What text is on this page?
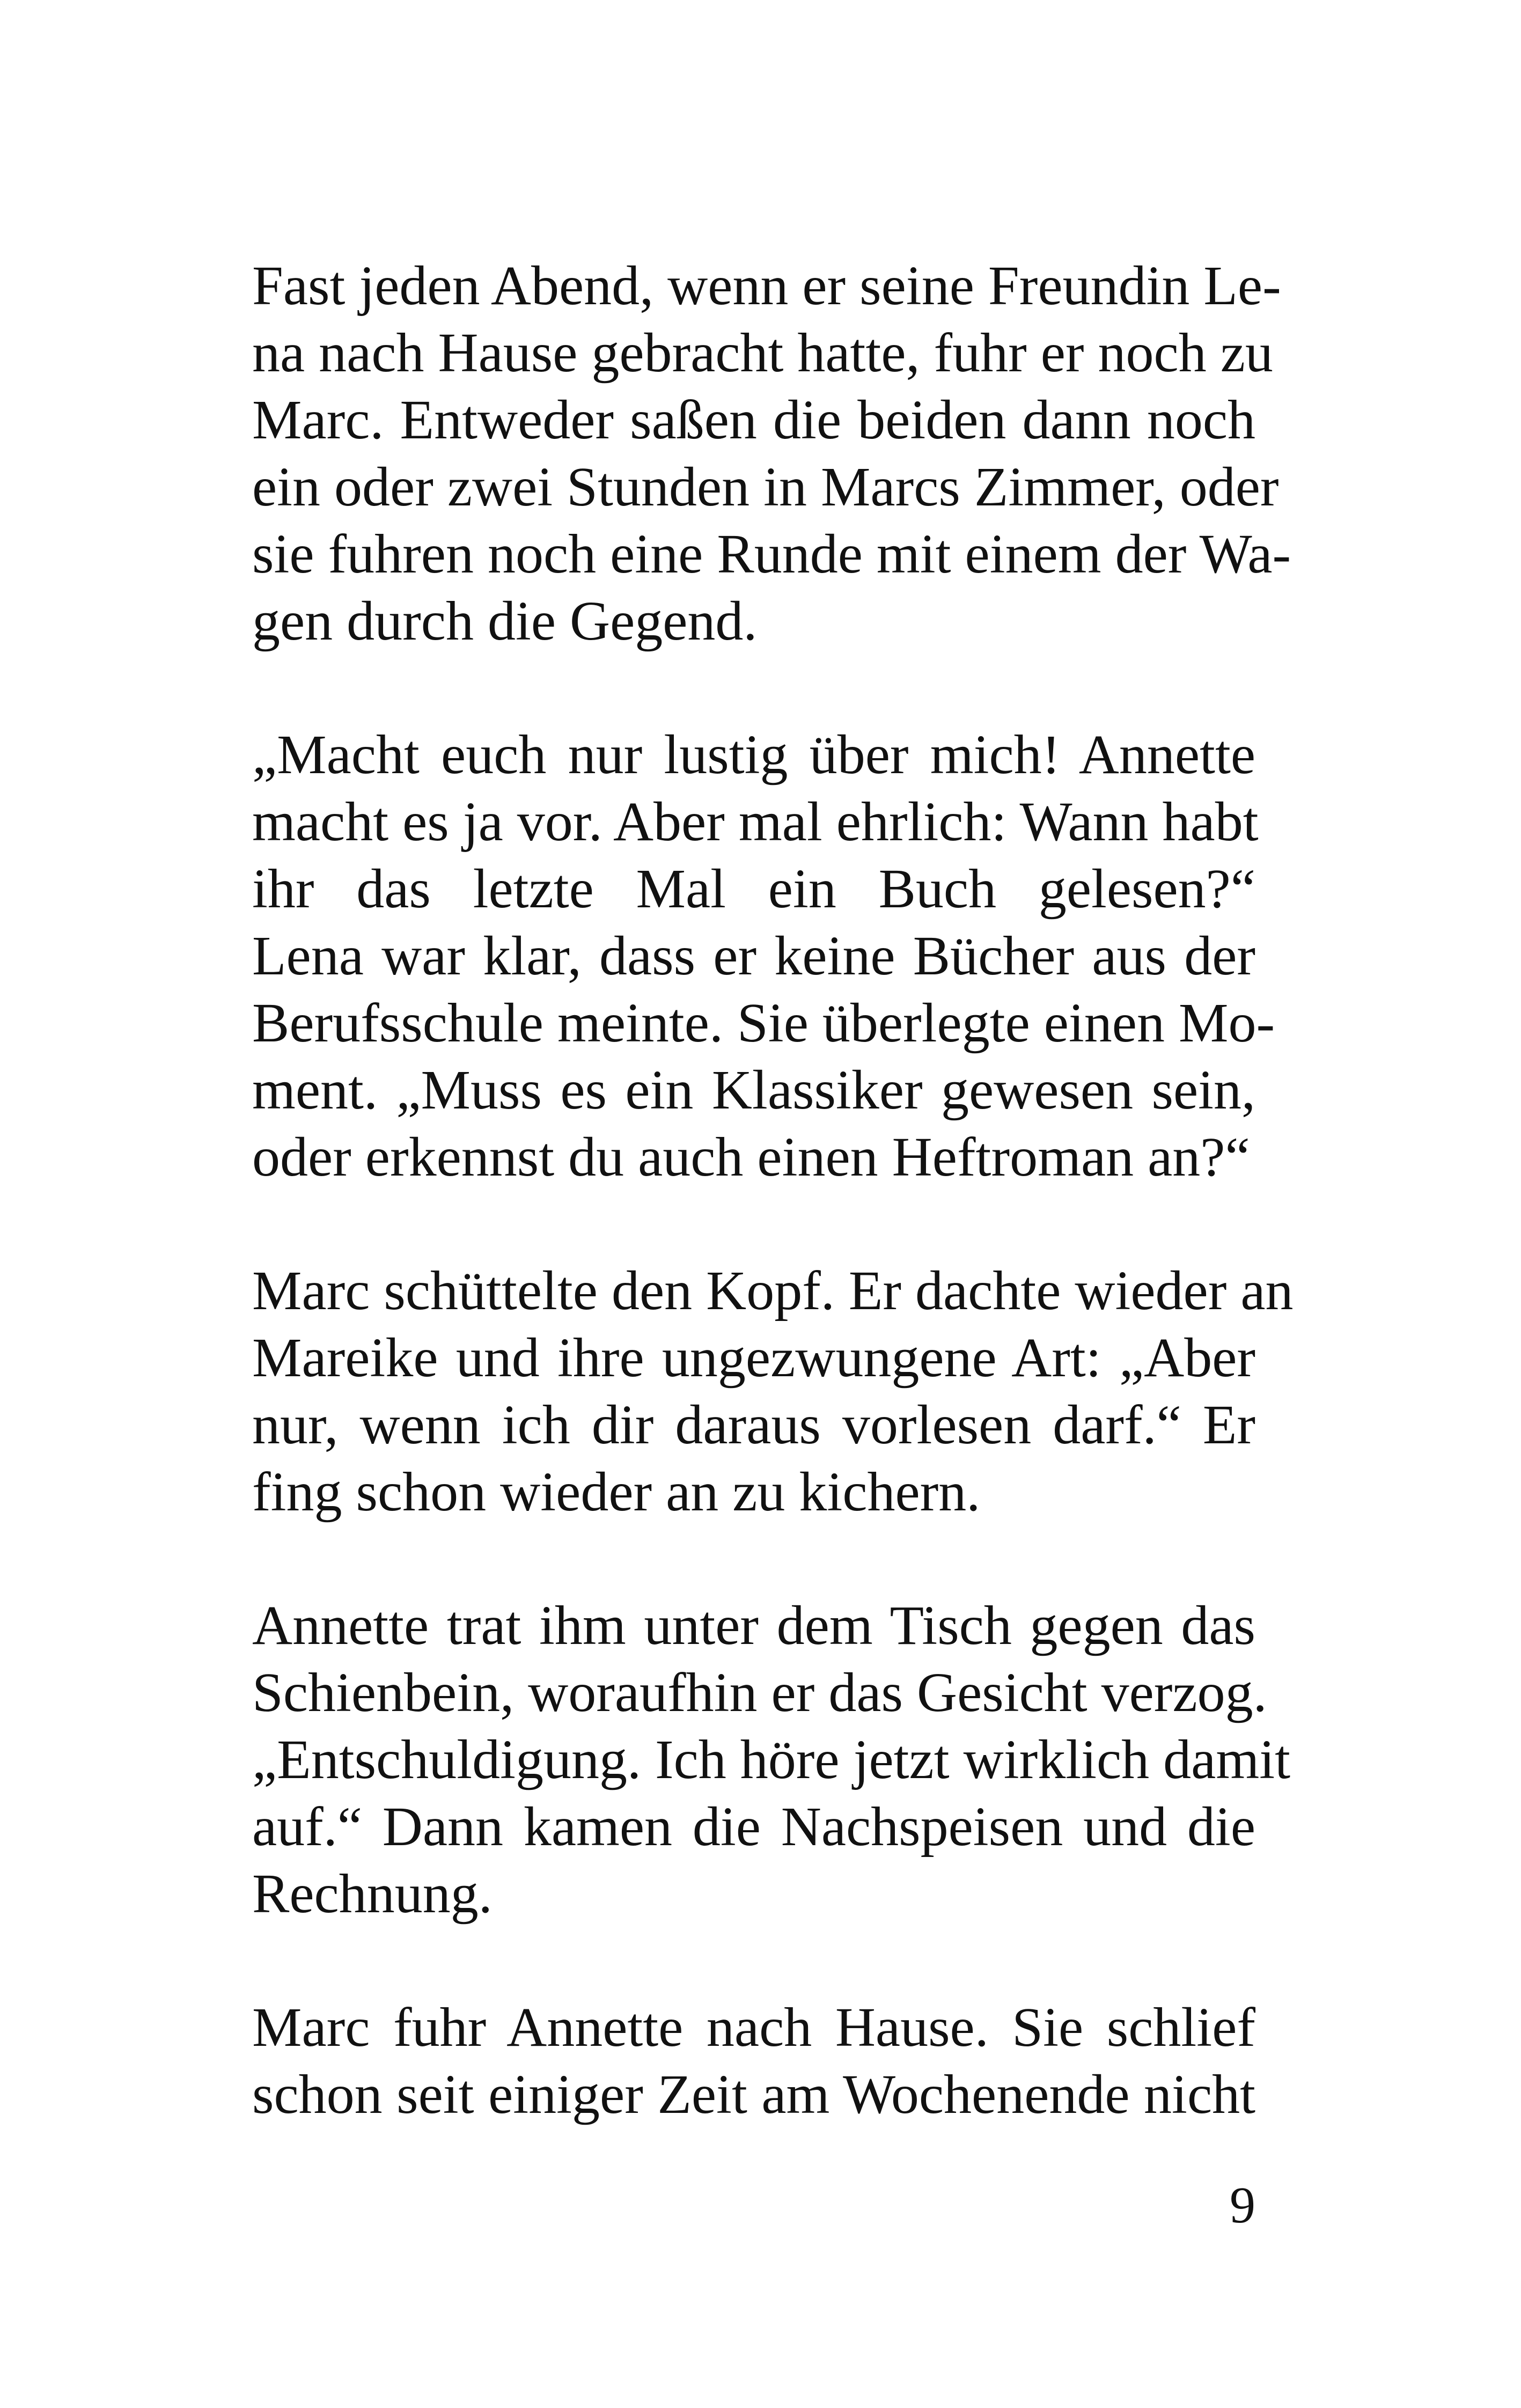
Fast jeden Abend, wenn er seine Freundin Le-
na nach Hause gebracht hatte, fuhr er noch zu
Marc. Entweder saßen die beiden dann noch
ein oder zwei Stunden in Marcs Zimmer, oder
sie fuhren noch eine Runde mit einem der Wa-
gen durch die Gegend.

„Macht euch nur lustig über mich! Annette
macht es ja vor. Aber mal ehrlich: Wann habt
ihr das letzte Mal ein Buch gelesen?“
Lena war klar, dass er keine Bücher aus der
Berufsschule meinte. Sie überlegte einen Mo-
ment. „Muss es ein Klassiker gewesen sein,
oder erkennst du auch einen Heftroman an?“

Marc schüttelte den Kopf. Er dachte wieder an
Mareike und ihre ungezwungene Art: „Aber
nur, wenn ich dir daraus vorlesen darf.“ Er
fing schon wieder an zu kichern.

Annette trat ihm unter dem Tisch gegen das
Schienbein, woraufhin er das Gesicht verzog.
„Entschuldigung. Ich höre jetzt wirklich damit
auf.“ Dann kamen die Nachspeisen und die
Rechnung.

Marc fuhr Annette nach Hause. Sie schlief
schon seit einiger Zeit am Wochenende nicht

9
